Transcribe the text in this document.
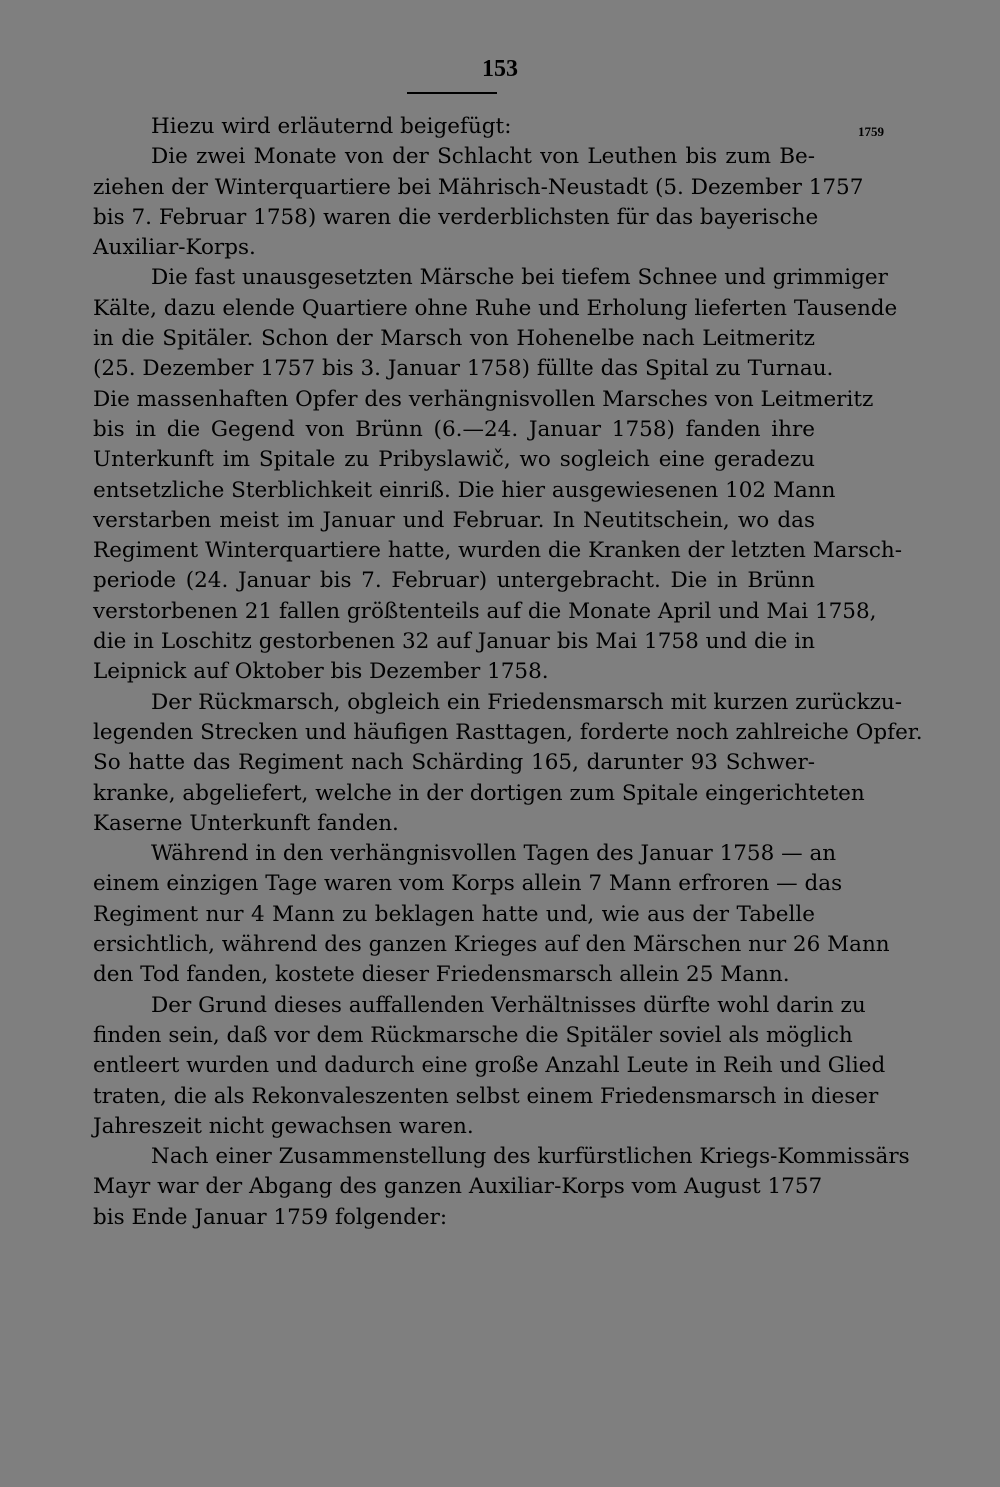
153
1759
Hiezu wird erläuternd beigefügt:
Die zwei Monate von der Schlacht von Leuthen bis zum Be-
ziehen der Winterquartiere bei Mährisch-Neustadt (5. Dezember 1757
bis 7. Februar 1758) waren die verderblichsten für das bayerische
Auxiliar-Korps.
Die fast unausgesetzten Märsche bei tiefem Schnee und grimmiger
Kälte, dazu elende Quartiere ohne Ruhe und Erholung lieferten Tausende
in die Spitäler. Schon der Marsch von Hohenelbe nach Leitmeritz
(25. Dezember 1757 bis 3. Januar 1758) füllte das Spital zu Turnau.
Die massenhaften Opfer des verhängnisvollen Marsches von Leitmeritz
bis in die Gegend von Brünn (6.—24. Januar 1758) fanden ihre
Unterkunft im Spitale zu Pribyslawič, wo sogleich eine geradezu
entsetzliche Sterblichkeit einriß. Die hier ausgewiesenen 102 Mann
verstarben meist im Januar und Februar. In Neutitschein, wo das
Regiment Winterquartiere hatte, wurden die Kranken der letzten Marsch-
periode (24. Januar bis 7. Februar) untergebracht. Die in Brünn
verstorbenen 21 fallen größtenteils auf die Monate April und Mai 1758,
die in Loschitz gestorbenen 32 auf Januar bis Mai 1758 und die in
Leipnick auf Oktober bis Dezember 1758.
Der Rückmarsch, obgleich ein Friedensmarsch mit kurzen zurückzu-
legenden Strecken und häufigen Rasttagen, forderte noch zahlreiche Opfer.
So hatte das Regiment nach Schärding 165, darunter 93 Schwer-
kranke, abgeliefert, welche in der dortigen zum Spitale eingerichteten
Kaserne Unterkunft fanden.
Während in den verhängnisvollen Tagen des Januar 1758 — an
einem einzigen Tage waren vom Korps allein 7 Mann erfroren — das
Regiment nur 4 Mann zu beklagen hatte und, wie aus der Tabelle
ersichtlich, während des ganzen Krieges auf den Märschen nur 26 Mann
den Tod fanden, kostete dieser Friedensmarsch allein 25 Mann.
Der Grund dieses auffallenden Verhältnisses dürfte wohl darin zu
finden sein, daß vor dem Rückmarsche die Spitäler soviel als möglich
entleert wurden und dadurch eine große Anzahl Leute in Reih und Glied
traten, die als Rekonvaleszenten selbst einem Friedensmarsch in dieser
Jahreszeit nicht gewachsen waren.
Nach einer Zusammenstellung des kurfürstlichen Kriegs-Kommissärs
Mayr war der Abgang des ganzen Auxiliar-Korps vom August 1757
bis Ende Januar 1759 folgender:
